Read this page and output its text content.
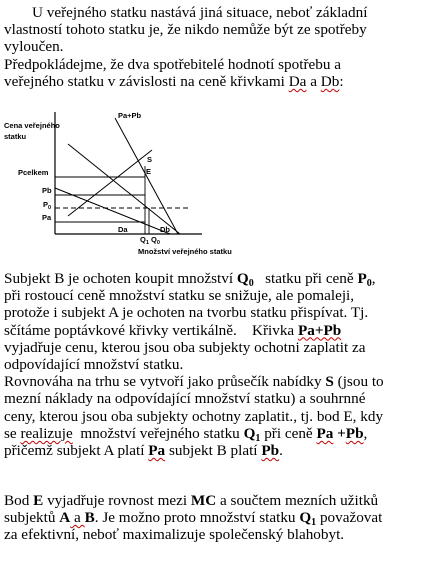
U veřejného statku nastává jiná situace, neboť základní
vlastností tohoto statku je, že nikdo nemůže být ze spotřeby
vyloučen.
Předpokládejme, že dva spotřebitelé hodnotí spotřebu a
veřejného statku v závislosti na ceně křivkami Da a Db:
Cena veřejného
statku
Pa+Pb
Pcelkem
Pb
$P_0$
Pa
S
E
Da	Db
$Q_1$ $Q_0$
Množství veřejného statku
Subjekt B je ochoten koupit množství $Q_0$   statku při ceně $P_0$,
při rostoucí ceně množství statku se snižuje, ale pomaleji,
protože i subjekt A je ochoten na tvorbu statku přispívat. Tj.
sčítáme poptávkové křivky vertikálně.    Křivka Pa+Pb
vyjadřuje cenu, kterou jsou oba subjekty ochotni zaplatit za
odpovídající množství statku.
Rovnováha na trhu se vytvoří jako průsečík nabídky S (jsou to
mezní náklady na odpovídající množství statku) a souhrnné
ceny, kterou jsou oba subjekty ochotny zaplatit., tj. bod E, kdy
se realizuje  množství veřejného statku $Q_1$ při ceně Pa +Pb,
přičemž subjekt A platí Pa subjekt B platí Pb.
Bod E vyjadřuje rovnost mezi MC a součtem mezních užitků
subjektů A a B. Je možno proto množství statku $Q_1$ považovat
za efektivní, neboť maximalizuje společenský blahobyt.
